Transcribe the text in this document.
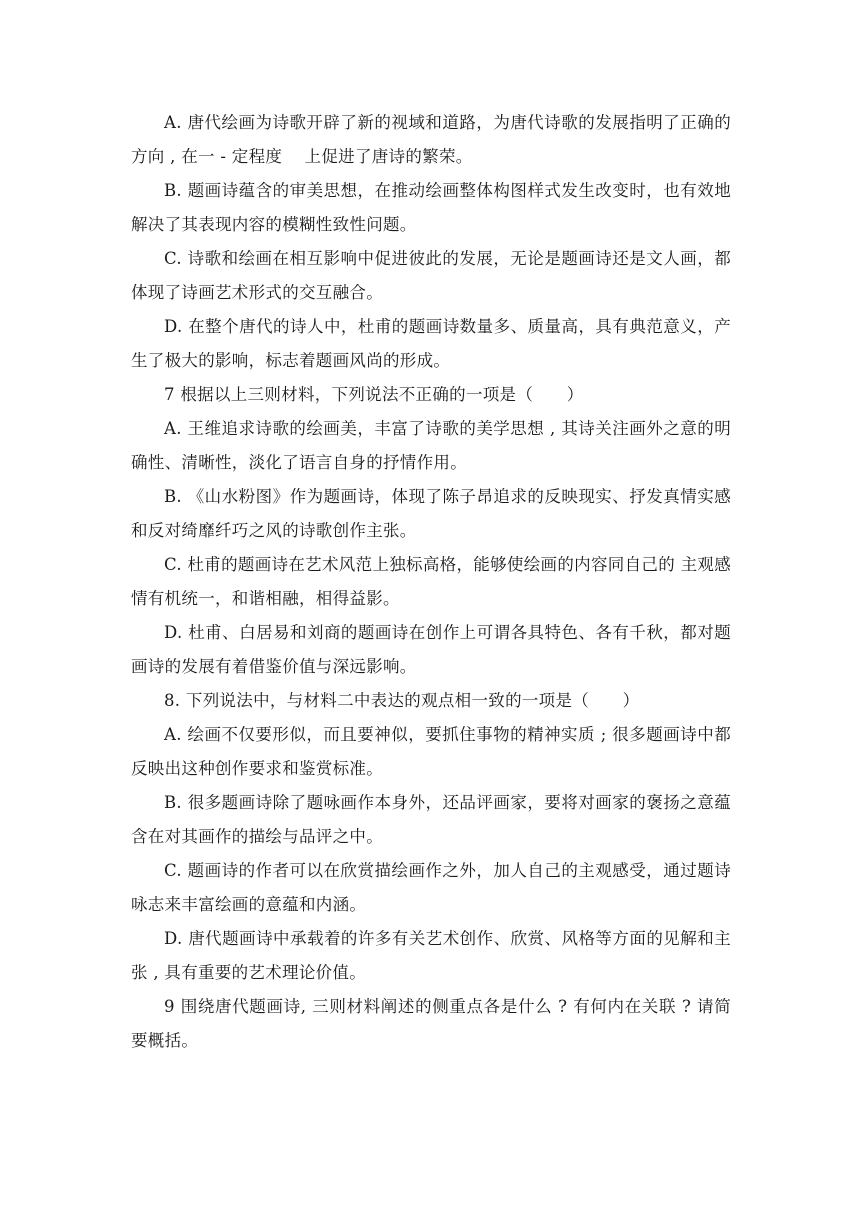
A. 唐代绘画为诗歌开辟了新的视域和道路，为唐代诗歌的发展指明了正确的方向 , 在一 - 定程度　 上促进了唐诗的繁荣。

B. 题画诗蕴含的审美思想，在推动绘画整体构图样式发生改变时，也有效地解决了其表现内容的模糊性致性问题。

C. 诗歌和绘画在相互影响中促进彼此的发展，无论是题画诗还是文人画，都体现了诗画艺术形式的交互融合。

D. 在整个唐代的诗人中，杜甫的题画诗数量多、质量高，具有典范意义，产生了极大的影响，标志着题画风尚的形成。

7 根据以上三则材料，下列说法不正确的一项是（　　）

A. 王维追求诗歌的绘画美，丰富了诗歌的美学思想 , 其诗关注画外之意的明确性、清晰性，淡化了语言自身的抒情作用。

B. 《山水粉图》作为题画诗，体现了陈子昂追求的反映现实、抒发真情实感和反对绮靡纤巧之风的诗歌创作主张。

C. 杜甫的题画诗在艺术风范上独标高格，能够使绘画的内容同自己的 主观感情有机统一，和谐相融，相得益影。

D. 杜甫、白居易和刘商的题画诗在创作上可谓各具特色、各有千秋，都对题画诗的发展有着借鉴价值与深远影响。

8. 下列说法中，与材料二中表达的观点相一致的一项是（　　）

A. 绘画不仅要形似，而且要神似，要抓住事物的精神实质 ; 很多题画诗中都反映出这种创作要求和鉴赏标准。

B. 很多题画诗除了题咏画作本身外，还品评画家，要将对画家的褒扬之意蕴含在对其画作的描绘与品评之中。

C. 题画诗的作者可以在欣赏描绘画作之外，加人自己的主观感受，通过题诗咏志来丰富绘画的意蕴和内涵。

D. 唐代题画诗中承载着的许多有关艺术创作、欣赏、风格等方面的见解和主张 , 具有重要的艺术理论价值。

9 围绕唐代题画诗, 三则材料阐述的侧重点各是什么 ? 有何内在关联 ? 请简要概括。
